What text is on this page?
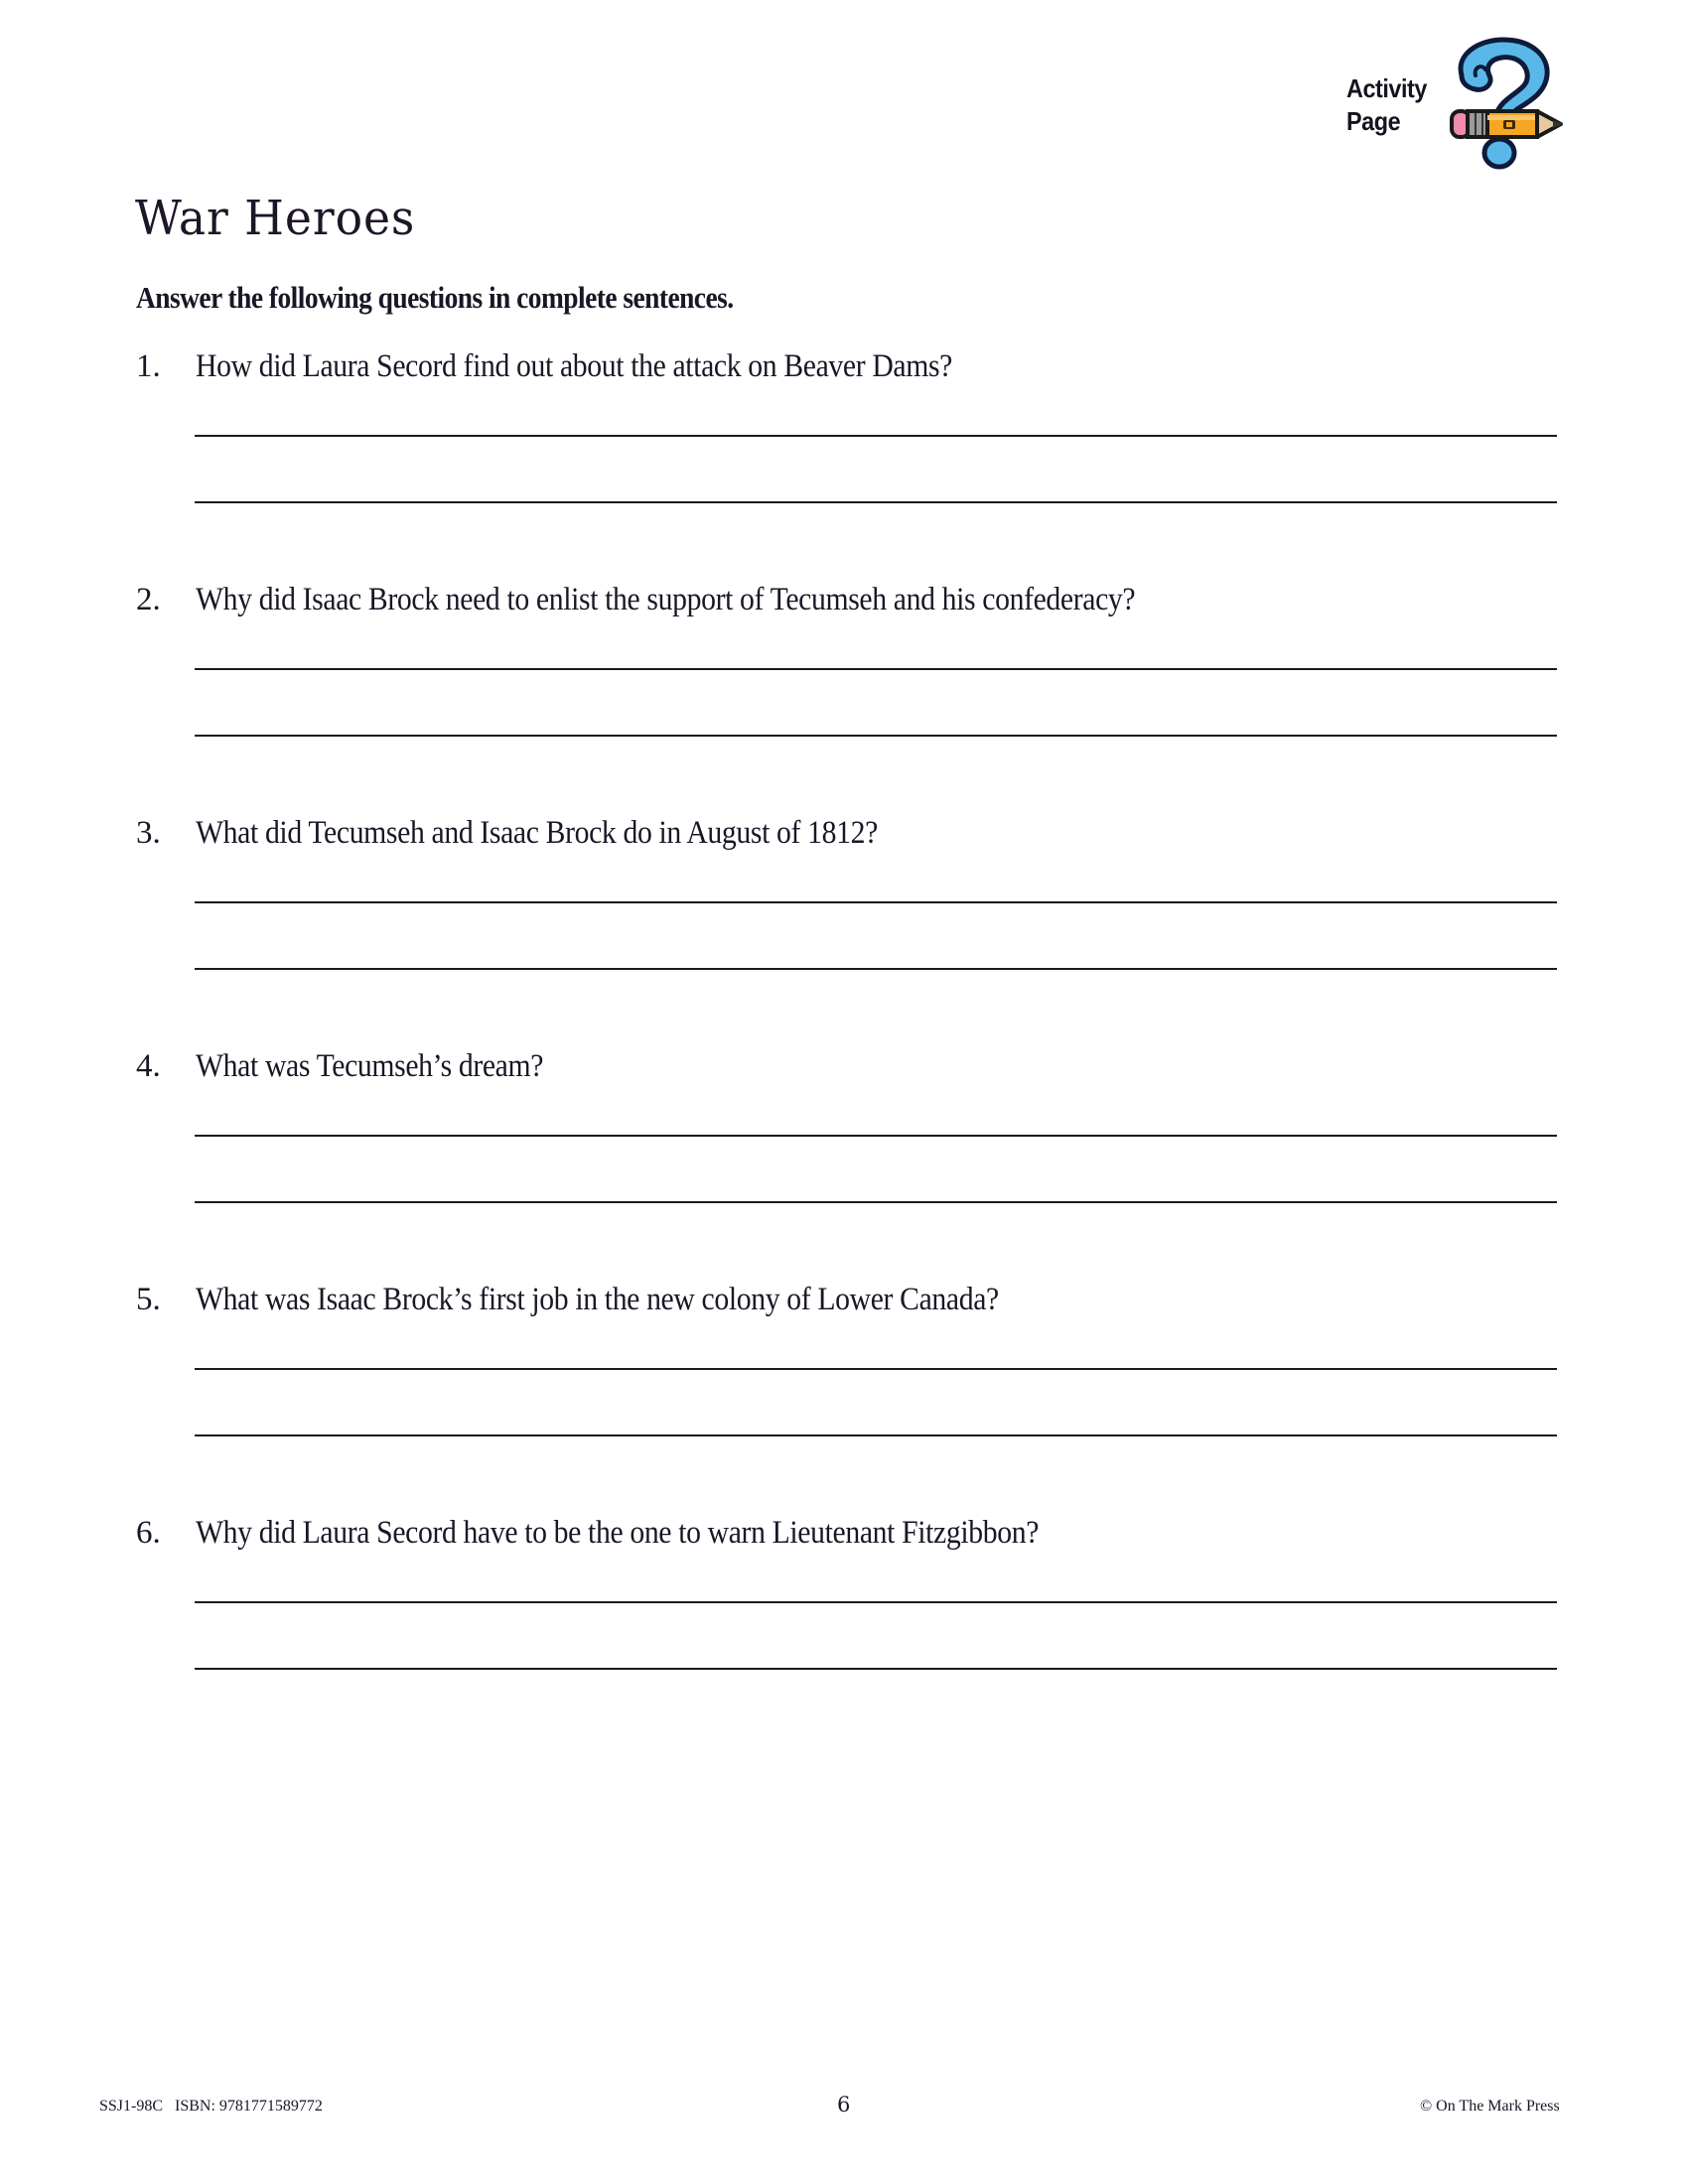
Activity
Page
War Heroes
Answer the following questions in complete sentences.
1. How did Laura Secord find out about the attack on Beaver Dams?
2. Why did Isaac Brock need to enlist the support of Tecumseh and his confederacy?
3. What did Tecumseh and Isaac Brock do in August of 1812?
4. What was Tecumseh’s dream?
5. What was Isaac Brock’s first job in the new colony of Lower Canada?
6. Why did Laura Secord have to be the one to warn Lieutenant Fitzgibbon?
SSJ1-98C   ISBN: 9781771589772	6	© On The Mark Press
